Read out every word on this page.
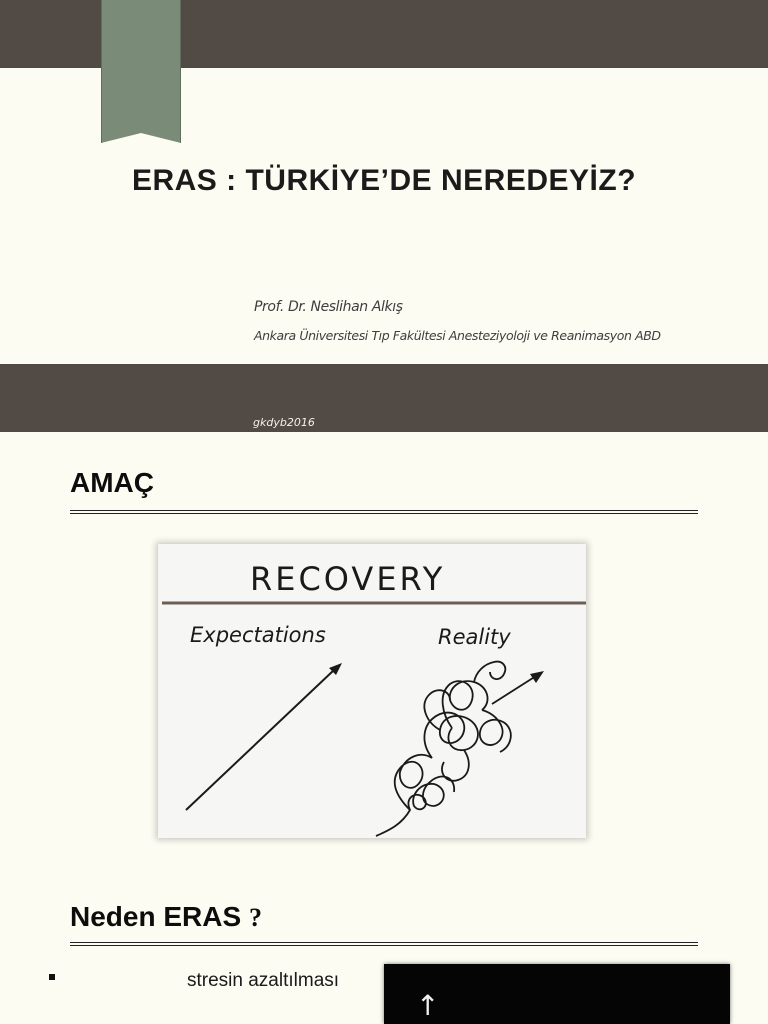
ERAS : TÜRKİYE’DE NEREDEYİZ?
Prof. Dr. Neslihan Alkış
Ankara Üniversitesi Tıp Fakültesi Anesteziyoloji ve Reanimasyon ABD
gkdyb2016
AMAÇ
RECOVERY
Expectations	Reality
Neden ERAS ?
stresin azaltılması
↑
